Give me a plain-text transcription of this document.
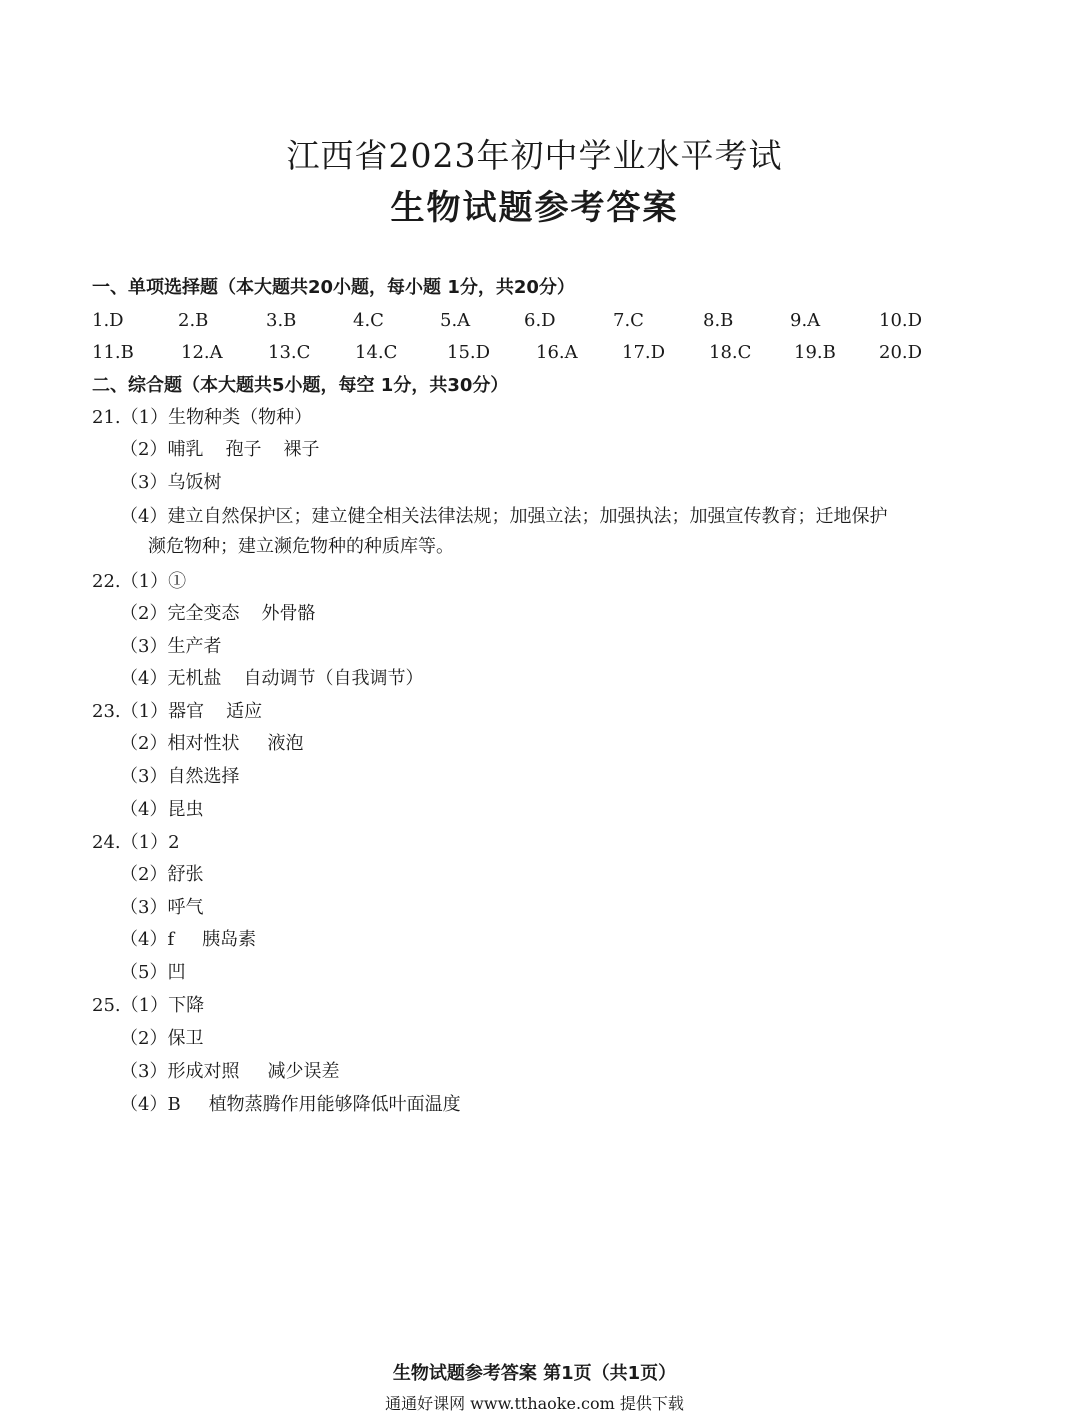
江西省2023年初中学业水平考试
生物试题参考答案
一、单项选择题（本大题共20小题，每小题 1分，共20分）
1.D	2.B	3.B	4.C	5.A	6.D	7.C	8.B	9.A	10.D
11.B	12.A	13.C 14.C	15.D	16.A 17.D 18.C 19.B 20.D
二、综合题（本大题共5小题，每空 1分，共30分）
21.（1）生物种类（物种）
（2）哺乳 孢子 裸子
（3）乌饭树
（4）建立自然保护区；建立健全相关法律法规；加强立法；加强执法；加强宣传教育；迁地保护
濒危物种；建立濒危物种的种质库等。
22.（1）①
（2）完全变态 外骨骼
（3）生产者
（4）无机盐 自动调节（自我调节）
23.（1）器官 适应
（2）相对性状 液泡
（3）自然选择
（4）昆虫
24.（1）2
（2）舒张
（3）呼气
（4）f 胰岛素
（5）凹
25.（1）下降
（2）保卫
（3）形成对照 减少误差
（4）B 植物蒸腾作用能够降低叶面温度
生物试题参考答案 第1页（共1页）
通通好课网 www.tthaoke.com 提供下载
